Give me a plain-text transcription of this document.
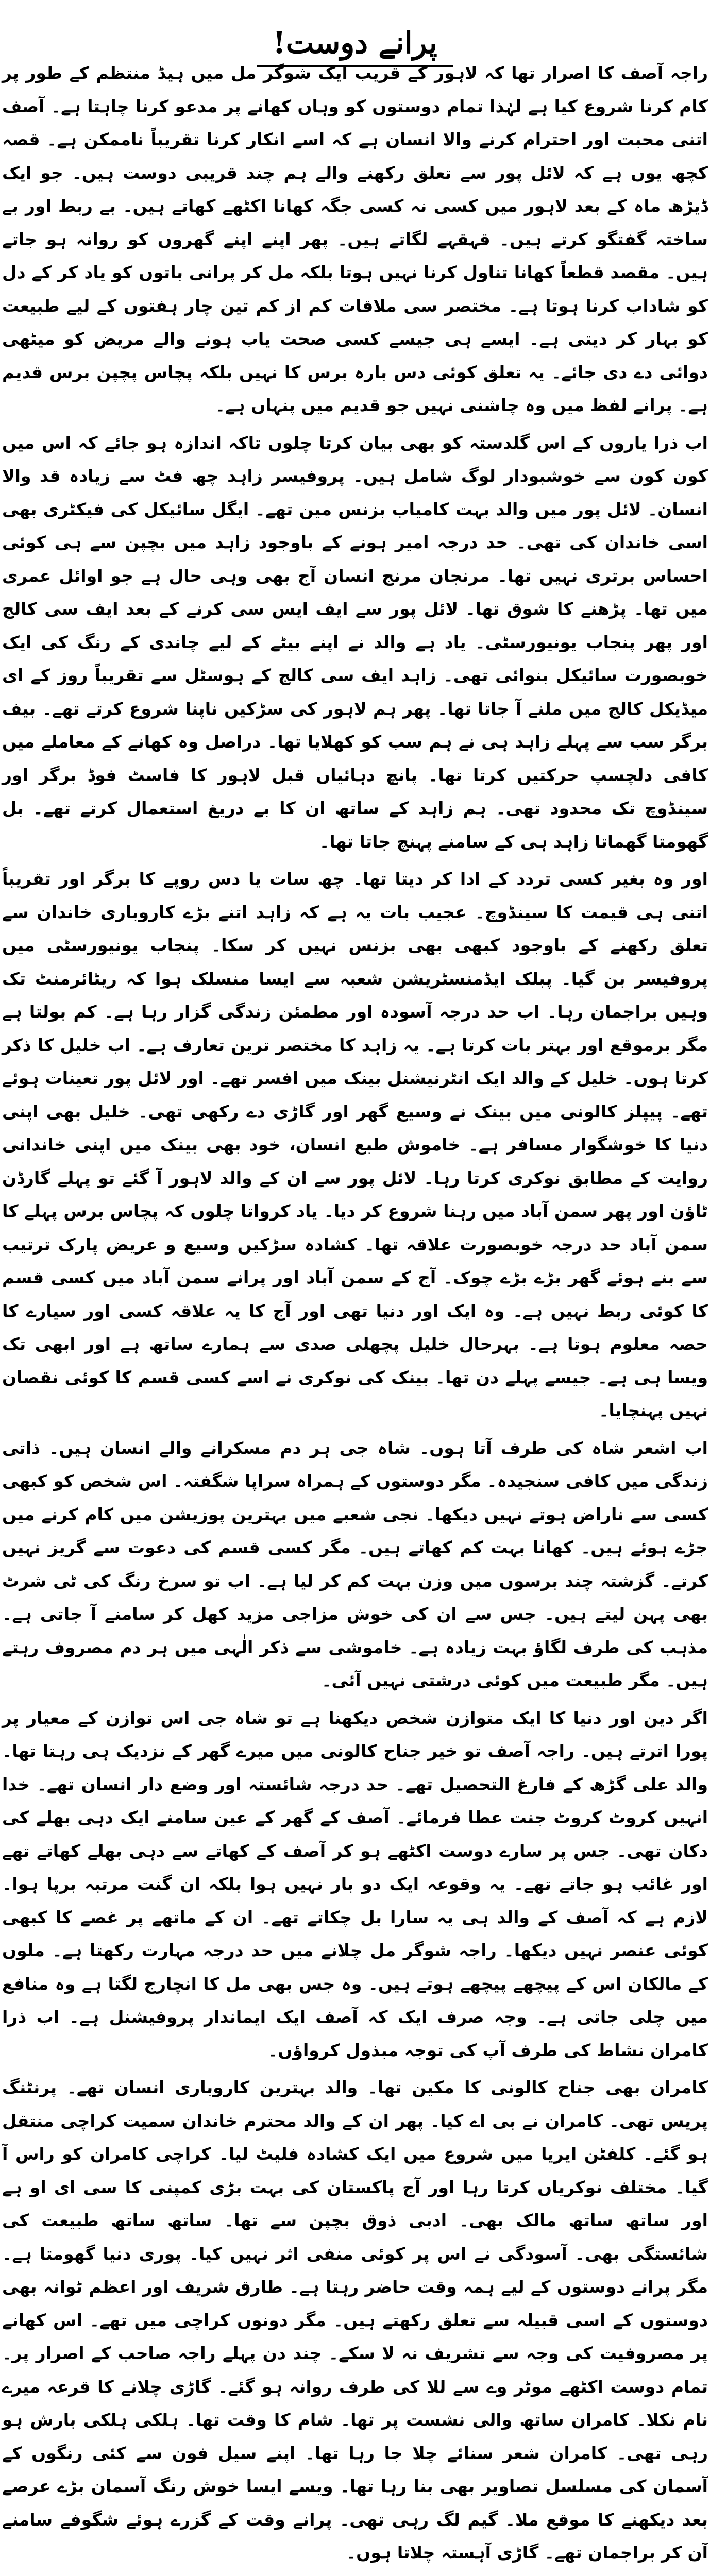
پرانے دوست!

راجہ آصف کا اصرار تھا کہ لاہور کے قریب ایک شوگر مل میں ہیڈ منتظم کے طور پر کام کرنا شروع کیا ہے لہٰذا تمام دوستوں کو وہاں کھانے پر مدعو کرنا چاہتا ہے۔ آصف اتنی محبت اور احترام کرنے والا انسان ہے کہ اسے انکار کرنا تقریباً ناممکن ہے۔ قصہ کچھ یوں ہے کہ لائل پور سے تعلق رکھنے والے ہم چند قریبی دوست ہیں۔ جو ایک ڈیڑھ ماہ کے بعد لاہور میں کسی نہ کسی جگہ کھانا اکٹھے کھاتے ہیں۔ بے ربط اور بے ساختہ گفتگو کرتے ہیں۔ قہقہے لگاتے ہیں۔ پھر اپنے اپنے گھروں کو روانہ ہو جاتے ہیں۔ مقصد قطعاً کھانا تناول کرنا نہیں ہوتا بلکہ مل کر پرانی باتوں کو یاد کر کے دل کو شاداب کرنا ہوتا ہے۔ مختصر سی ملاقات کم از کم تین چار ہفتوں کے لیے طبیعت کو بہار کر دیتی ہے۔ ایسے ہی جیسے کسی صحت یاب ہونے والے مریض کو میٹھی دوائی دے دی جائے۔ یہ تعلق کوئی دس بارہ برس کا نہیں بلکہ پچاس پچپن برس قدیم ہے۔ پرانے لفظ میں وہ چاشنی نہیں جو قدیم میں پنہاں ہے۔

اب ذرا یاروں کے اس گلدستہ کو بھی بیان کرتا چلوں تاکہ اندازہ ہو جائے کہ اس میں کون کون سے خوشبودار لوگ شامل ہیں۔ پروفیسر زاہد چھ فٹ سے زیادہ قد والا انسان۔ لائل پور میں والد بہت کامیاب بزنس مین تھے۔ ایگل سائیکل کی فیکٹری بھی اسی خاندان کی تھی۔ حد درجہ امیر ہونے کے باوجود زاہد میں بچپن سے ہی کوئی احساس برتری نہیں تھا۔ مرنجان مرنج انسان آج بھی وہی حال ہے جو اوائل عمری میں تھا۔ پڑھنے کا شوق تھا۔ لائل پور سے ایف ایس سی کرنے کے بعد ایف سی کالج اور پھر پنجاب یونیورسٹی۔ یاد ہے والد نے اپنے بیٹے کے لیے چاندی کے رنگ کی ایک خوبصورت سائیکل بنوائی تھی۔ زاہد ایف سی کالج کے ہوسٹل سے تقریباً روز کے ای میڈیکل کالج میں ملنے آ جاتا تھا۔ پھر ہم لاہور کی سڑکیں ناپنا شروع کرتے تھے۔ بیف برگر سب سے پہلے زاہد ہی نے ہم سب کو کھلایا تھا۔ دراصل وہ کھانے کے معاملے میں کافی دلچسپ حرکتیں کرتا تھا۔ پانچ دہائیاں قبل لاہور کا فاسٹ فوڈ برگر اور سینڈوچ تک محدود تھی۔ ہم زاہد کے ساتھ ان کا بے دریغ استعمال کرتے تھے۔ بل گھومتا گھماتا زاہد ہی کے سامنے پہنچ جاتا تھا۔

اور وہ بغیر کسی تردد کے ادا کر دیتا تھا۔ چھ سات یا دس روپے کا برگر اور تقریباً اتنی ہی قیمت کا سینڈوچ۔ عجیب بات یہ ہے کہ زاہد اتنے بڑے کاروباری خاندان سے تعلق رکھنے کے باوجود کبھی بھی بزنس نہیں کر سکا۔ پنجاب یونیورسٹی میں پروفیسر بن گیا۔ پبلک ایڈمنسٹریشن شعبہ سے ایسا منسلک ہوا کہ ریٹائرمنٹ تک وہیں براجمان رہا۔ اب حد درجہ آسودہ اور مطمئن زندگی گزار رہا ہے۔ کم بولتا ہے مگر برموقع اور بہتر بات کرتا ہے۔ یہ زاہد کا مختصر ترین تعارف ہے۔ اب خلیل کا ذکر کرتا ہوں۔ خلیل کے والد ایک انٹرنیشنل بینک میں افسر تھے۔ اور لائل پور تعینات ہوئے تھے۔ پیپلز کالونی میں بینک نے وسیع گھر اور گاڑی دے رکھی تھی۔ خلیل بھی اپنی دنیا کا خوشگوار مسافر ہے۔ خاموش طبع انسان، خود بھی بینک میں اپنی خاندانی روایت کے مطابق نوکری کرتا رہا۔ لائل پور سے ان کے والد لاہور آ گئے تو پہلے گارڈن ٹاؤن اور پھر سمن آباد میں رہنا شروع کر دیا۔ یاد کرواتا چلوں کہ پچاس برس پہلے کا سمن آباد حد درجہ خوبصورت علاقہ تھا۔ کشادہ سڑکیں وسیع و عریض پارک ترتیب سے بنے ہوئے گھر بڑے بڑے چوک۔ آج کے سمن آباد اور پرانے سمن آباد میں کسی قسم کا کوئی ربط نہیں ہے۔ وہ ایک اور دنیا تھی اور آج کا یہ علاقہ کسی اور سیارے کا حصہ معلوم ہوتا ہے۔ بہرحال خلیل پچھلی صدی سے ہمارے ساتھ ہے اور ابھی تک ویسا ہی ہے۔ جیسے پہلے دن تھا۔ بینک کی نوکری نے اسے کسی قسم کا کوئی نقصان نہیں پہنچایا۔

اب اشعر شاہ کی طرف آتا ہوں۔ شاہ جی ہر دم مسکرانے والے انسان ہیں۔ ذاتی زندگی میں کافی سنجیدہ۔ مگر دوستوں کے ہمراہ سراپا شگفتہ۔ اس شخص کو کبھی کسی سے ناراض ہوتے نہیں دیکھا۔ نجی شعبے میں بہترین پوزیشن میں کام کرنے میں جڑے ہوئے ہیں۔ کھانا بہت کم کھاتے ہیں۔ مگر کسی قسم کی دعوت سے گریز نہیں کرتے۔ گزشتہ چند برسوں میں وزن بہت کم کر لیا ہے۔ اب تو سرخ رنگ کی ٹی شرٹ بھی پہن لیتے ہیں۔ جس سے ان کی خوش مزاجی مزید کھل کر سامنے آ جاتی ہے۔ مذہب کی طرف لگاؤ بہت زیادہ ہے۔ خاموشی سے ذکر الٰہی میں ہر دم مصروف رہتے ہیں۔ مگر طبیعت میں کوئی درشتی نہیں آئی۔

اگر دین اور دنیا کا ایک متوازن شخص دیکھنا ہے تو شاہ جی اس توازن کے معیار پر پورا اترتے ہیں۔ راجہ آصف تو خیر جناح کالونی میں میرے گھر کے نزدیک ہی رہتا تھا۔ والد علی گڑھ کے فارغ التحصیل تھے۔ حد درجہ شائستہ اور وضع دار انسان تھے۔ خدا انہیں کروٹ کروٹ جنت عطا فرمائے۔ آصف کے گھر کے عین سامنے ایک دہی بھلے کی دکان تھی۔ جس پر سارے دوست اکٹھے ہو کر آصف کے کھاتے سے دہی بھلے کھاتے تھے اور غائب ہو جاتے تھے۔ یہ وقوعہ ایک دو بار نہیں ہوا بلکہ ان گنت مرتبہ برپا ہوا۔ لازم ہے کہ آصف کے والد ہی یہ سارا بل چکاتے تھے۔ ان کے ماتھے پر غصے کا کبھی کوئی عنصر نہیں دیکھا۔ راجہ شوگر مل چلانے میں حد درجہ مہارت رکھتا ہے۔ ملوں کے مالکان اس کے پیچھے پیچھے ہوتے ہیں۔ وہ جس بھی مل کا انچارج لگتا ہے وہ منافع میں چلی جاتی ہے۔ وجہ صرف ایک کہ آصف ایک ایماندار پروفیشنل ہے۔ اب ذرا کامران نشاط کی طرف آپ کی توجہ مبذول کرواؤں۔

کامران بھی جناح کالونی کا مکین تھا۔ والد بہترین کاروباری انسان تھے۔ پرنٹنگ پریس تھی۔ کامران نے بی اے کیا۔ پھر ان کے والد محترم خاندان سمیت کراچی منتقل ہو گئے۔ کلفٹن ایریا میں شروع میں ایک کشادہ فلیٹ لیا۔ کراچی کامران کو راس آ گیا۔ مختلف نوکریاں کرتا رہا اور آج پاکستان کی بہت بڑی کمپنی کا سی ای او ہے اور ساتھ ساتھ مالک بھی۔ ادبی ذوق بچپن سے تھا۔ ساتھ ساتھ طبیعت کی شائستگی بھی۔ آسودگی نے اس پر کوئی منفی اثر نہیں کیا۔ پوری دنیا گھومتا ہے۔ مگر پرانے دوستوں کے لیے ہمہ وقت حاضر رہتا ہے۔ طارق شریف اور اعظم ٹوانہ بھی دوستوں کے اسی قبیلہ سے تعلق رکھتے ہیں۔ مگر دونوں کراچی میں تھے۔ اس کھانے پر مصروفیت کی وجہ سے تشریف نہ لا سکے۔ چند دن پہلے راجہ صاحب کے اصرار پر۔ تمام دوست اکٹھے موٹر وے سے للا کی طرف روانہ ہو گئے۔ گاڑی چلانے کا قرعہ میرے نام نکلا۔ کامران ساتھ والی نشست پر تھا۔ شام کا وقت تھا۔ ہلکی ہلکی بارش ہو رہی تھی۔ کامران شعر سنائے چلا جا رہا تھا۔ اپنے سیل فون سے کئی رنگوں کے آسمان کی مسلسل تصاویر بھی بنا رہا تھا۔ ویسے ایسا خوش رنگ آسمان بڑے عرصے بعد دیکھنے کا موقع ملا۔ گیم لگ رہی تھی۔ پرانے وقت کے گزرے ہوئے شگوفے سامنے آن کر براجمان تھے۔ گاڑی آہستہ چلاتا ہوں۔
